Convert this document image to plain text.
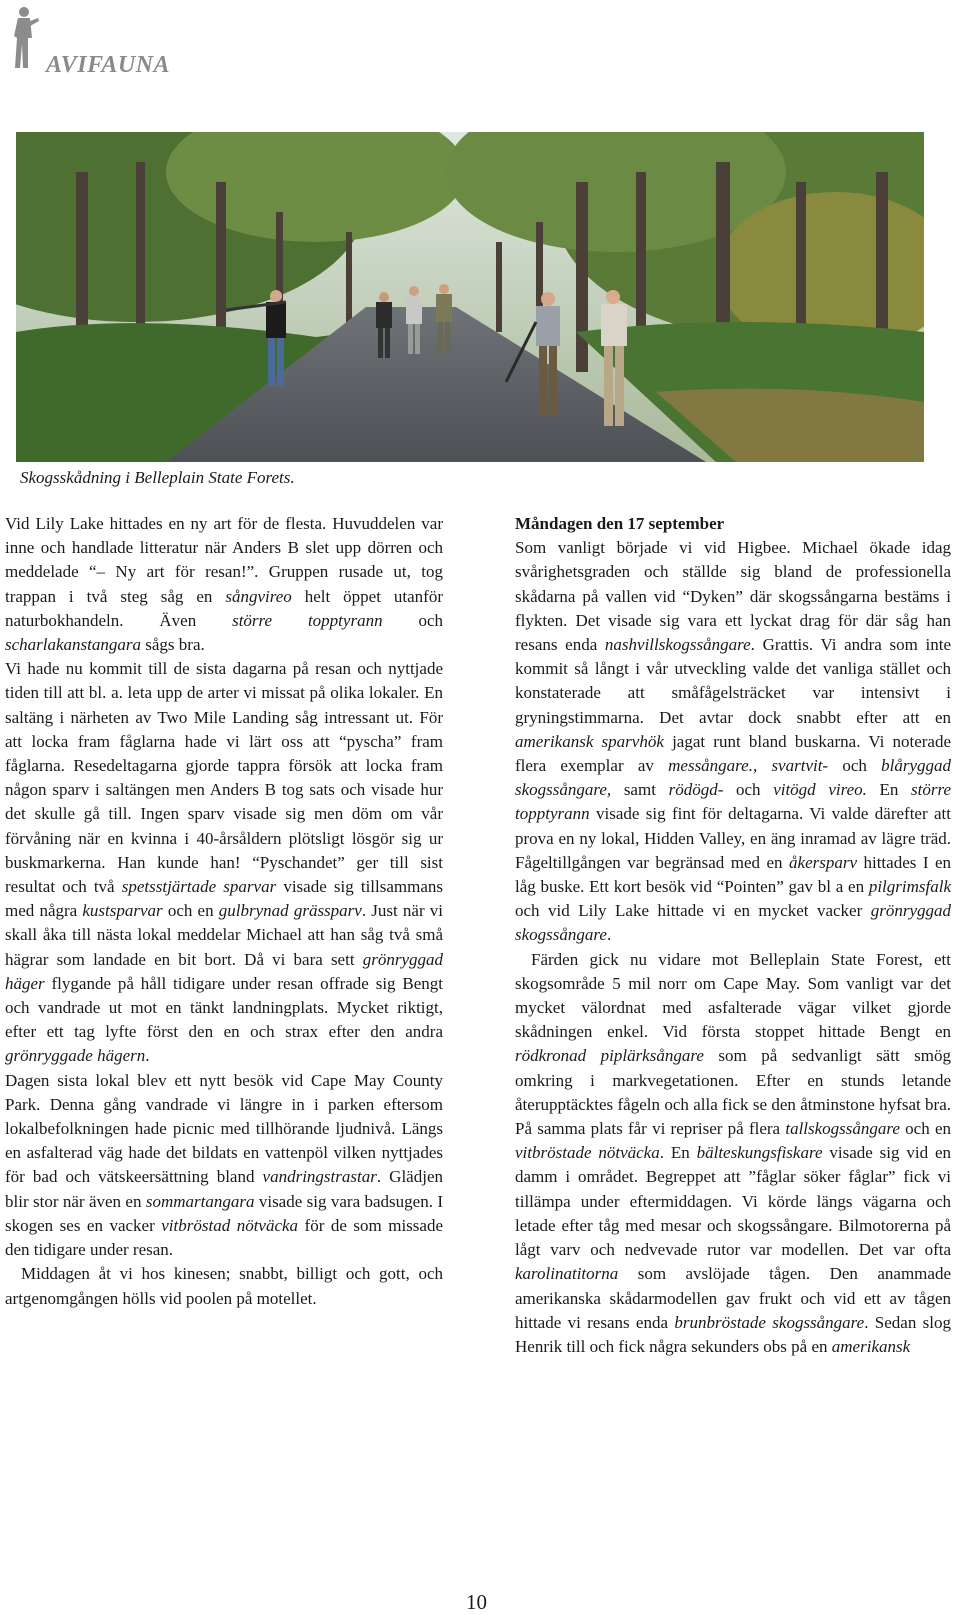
AVIFAUNA
Skogsskådning i Belleplain State Forets.

Vid Lily Lake hittades en ny art för de flesta. Huvuddelen var inne och handlade litteratur när Anders B slet upp dörren och meddelade “– Ny art för resan!”. Gruppen rusade ut, tog trappan i två steg såg en sångvireo helt öppet utanför naturbokhandeln. Även större topptyrann och scharlakanstangara sågs bra.

Vi hade nu kommit till de sista dagarna på resan och nyttjade tiden till att bl. a. leta upp de arter vi missat på olika lokaler. En saltäng i närheten av Two Mile Landing såg intressant ut. För att locka fram fåglarna hade vi lärt oss att “pyscha” fram fåglarna. Resedeltagarna gjorde tappra försök att locka fram någon sparv i saltängen men Anders B tog sats och visade hur det skulle gå till. Ingen sparv visade sig men döm om vår förvåning när en kvinna i 40-årsåldern plötsligt lösgör sig ur buskmarkerna. Han kunde han! “Pyschandet” ger till sist resultat och två spetsstjärtade sparvar visade sig tillsammans med några kustsparvar och en gulbrynad grässparv. Just när vi skall åka till nästa lokal meddelar Michael att han såg två små hägrar som landade en bit bort. Då vi bara sett grönryggad häger flygande på håll tidigare under resan offrade sig Bengt och vandrade ut mot en tänkt landningplats. Mycket riktigt, efter ett tag lyfte först den en och strax efter den andra grönryggade hägern.

Dagen sista lokal blev ett nytt besök vid Cape May County Park. Denna gång vandrade vi längre in i parken eftersom lokalbefolkningen hade picnic med tillhörande ljudnivå. Längs en asfalterad väg hade det bildats en vattenpöl vilken nyttjades för bad och vätskeersättning bland vandringstrastar. Glädjen blir stor när även en sommartangara visade sig vara badsugen. I skogen ses en vacker vitbröstad nötväcka för de som missade den tidigare under resan.

Middagen åt vi hos kinesen; snabbt, billigt och gott, och artgenomgången hölls vid poolen på motellet.

Måndagen den 17 september

Som vanligt började vi vid Higbee. Michael ökade idag svårighetsgraden och ställde sig bland de professionella skådarna på vallen vid “Dyken” där skogssångarna bestäms i flykten. Det visade sig vara ett lyckat drag för där såg han resans enda nashvillskogssångare. Grattis. Vi andra som inte kommit så långt i vår utveckling valde det vanliga stället och konstaterade att småfågelsträcket var intensivt i gryningstimmarna. Det avtar dock snabbt efter att en amerikansk sparvhök jagat runt bland buskarna. Vi noterade flera exemplar av messångare., svartvit- och blåryggad skogssångare, samt rödögd- och vitögd vireo. En större topptyrann visade sig fint för deltagarna. Vi valde därefter att prova en ny lokal, Hidden Valley, en äng inramad av lägre träd. Fågeltillgången var begränsad med en åkersparv hittades I en låg buske. Ett kort besök vid “Pointen” gav bl a en pilgrimsfalk och vid Lily Lake hittade vi en mycket vacker grönryggad skogssångare.

Färden gick nu vidare mot Belleplain State Forest, ett skogsområde 5 mil norr om Cape May. Som vanligt var det mycket välordnat med asfalterade vägar vilket gjorde skådningen enkel. Vid första stoppet hittade Bengt en rödkronad piplärksångare som på sedvanligt sätt smög omkring i markvegetationen. Efter en stunds letande återupptäcktes fågeln och alla fick se den åtminstone hyfsat bra. På samma plats får vi repriser på flera tallskogssångare och en vitbröstade nötväcka. En bälteskungsfiskare visade sig vid en damm i området. Begreppet att ”fåglar söker fåglar” fick vi tillämpa under eftermiddagen. Vi körde längs vägarna och letade efter tåg med mesar och skogssångare. Bilmotorerna på lågt varv och nedvevade rutor var modellen. Det var ofta karolinatitorna som avslöjade tågen. Den anammade amerikanska skådarmodellen gav frukt och vid ett av tågen hittade vi resans enda brunbröstade skogssångare. Sedan slog Henrik till och fick några sekunders obs på en amerikansk

10
